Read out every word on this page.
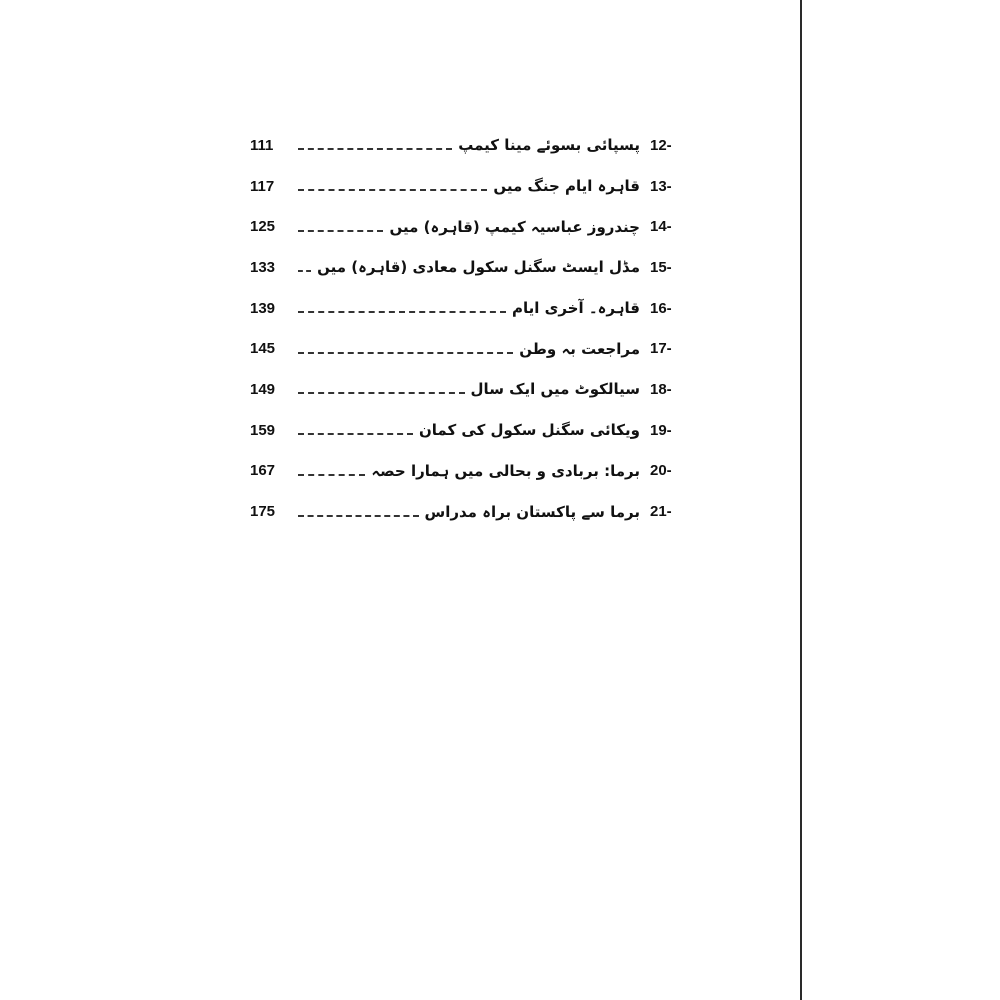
111	پسپائی بسوئے مینا کیمپ 12-
117	قاہرہ ایام جنگ میں 13-
125	چندروز عباسیہ کیمپ (قاہرہ) میں 14-
133	مڈل ایسٹ سگنل سکول معادی (قاہرہ) میں 15-
139	قاہرہ۔ آخری ایام 16-
145	مراجعت بہ وطن 17-
149	سیالکوٹ میں ایک سال 18-
159	ویکائی سگنل سکول کی کمان 19-
167	برما: بربادی و بحالی میں ہمارا حصہ 20-
175	برما سے پاکستان براہ مدراس 21-
